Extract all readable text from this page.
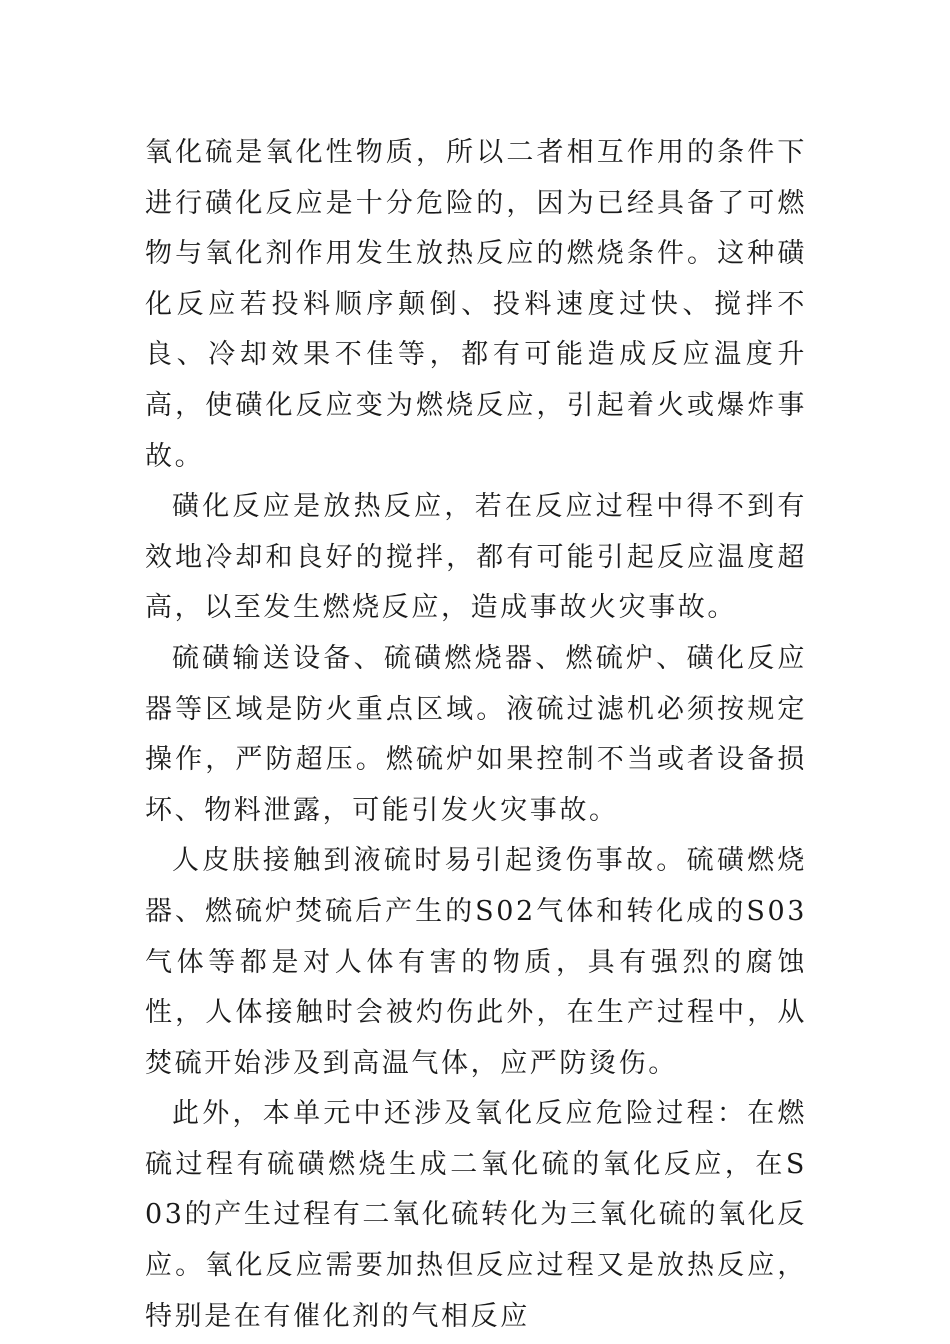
氧化硫是氧化性物质，所以二者相互作用的条件下进行磺化反应是十分危险的，因为已经具备了可燃物与氧化剂作用发生放热反应的燃烧条件。这种磺化反应若投料顺序颠倒、投料速度过快、搅拌不良、冷却效果不佳等，都有可能造成反应温度升高，使磺化反应变为燃烧反应，引起着火或爆炸事故。

磺化反应是放热反应，若在反应过程中得不到有效地冷却和良好的搅拌，都有可能引起反应温度超高，以至发生燃烧反应，造成事故火灾事故。

硫磺输送设备、硫磺燃烧器、燃硫炉、磺化反应器等区域是防火重点区域。液硫过滤机必须按规定操作，严防超压。燃硫炉如果控制不当或者设备损坏、物料泄露，可能引发火灾事故。

人皮肤接触到液硫时易引起烫伤事故。硫磺燃烧器、燃硫炉焚硫后产生的S02气体和转化成的S03气体等都是对人体有害的物质，具有强烈的腐蚀性，人体接触时会被灼伤此外，在生产过程中，从焚硫开始涉及到高温气体，应严防烫伤。

此外，本单元中还涉及氧化反应危险过程：在燃硫过程有硫磺燃烧生成二氧化硫的氧化反应，在S03的产生过程有二氧化硫转化为三氧化硫的氧化反应。氧化反应需要加热但反应过程又是放热反应，特别是在有催化剂的气相反应
